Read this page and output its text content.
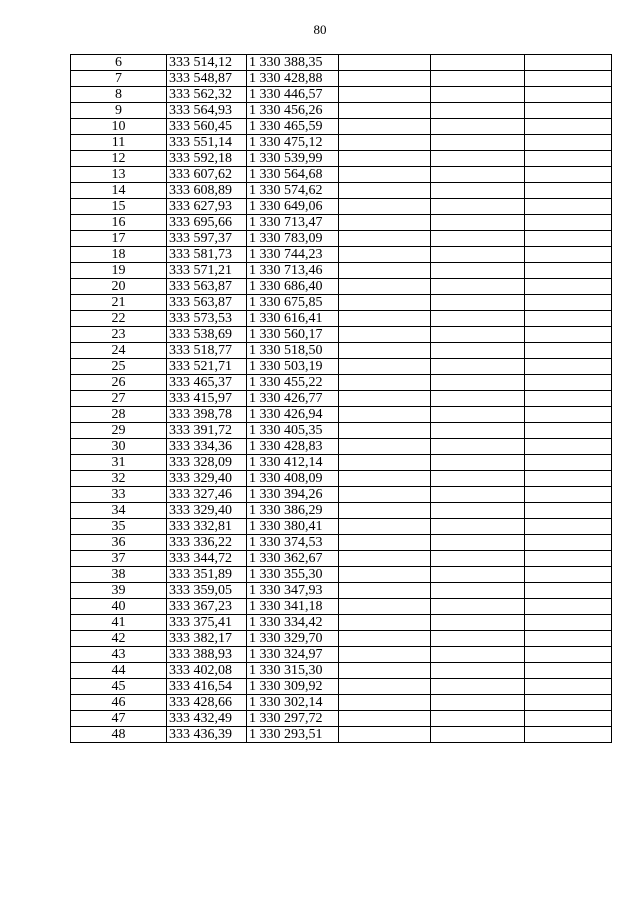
80
6	333 514,12	1 330 388,35			
7	333 548,87	1 330 428,88			
8	333 562,32	1 330 446,57			
9	333 564,93	1 330 456,26			
10	333 560,45	1 330 465,59			
11	333 551,14	1 330 475,12			
12	333 592,18	1 330 539,99			
13	333 607,62	1 330 564,68			
14	333 608,89	1 330 574,62			
15	333 627,93	1 330 649,06			
16	333 695,66	1 330 713,47			
17	333 597,37	1 330 783,09			
18	333 581,73	1 330 744,23			
19	333 571,21	1 330 713,46			
20	333 563,87	1 330 686,40			
21	333 563,87	1 330 675,85			
22	333 573,53	1 330 616,41			
23	333 538,69	1 330 560,17			
24	333 518,77	1 330 518,50			
25	333 521,71	1 330 503,19			
26	333 465,37	1 330 455,22			
27	333 415,97	1 330 426,77			
28	333 398,78	1 330 426,94			
29	333 391,72	1 330 405,35			
30	333 334,36	1 330 428,83			
31	333 328,09	1 330 412,14			
32	333 329,40	1 330 408,09			
33	333 327,46	1 330 394,26			
34	333 329,40	1 330 386,29			
35	333 332,81	1 330 380,41			
36	333 336,22	1 330 374,53			
37	333 344,72	1 330 362,67			
38	333 351,89	1 330 355,30			
39	333 359,05	1 330 347,93			
40	333 367,23	1 330 341,18			
41	333 375,41	1 330 334,42			
42	333 382,17	1 330 329,70			
43	333 388,93	1 330 324,97			
44	333 402,08	1 330 315,30			
45	333 416,54	1 330 309,92			
46	333 428,66	1 330 302,14			
47	333 432,49	1 330 297,72			
48	333 436,39	1 330 293,51			
